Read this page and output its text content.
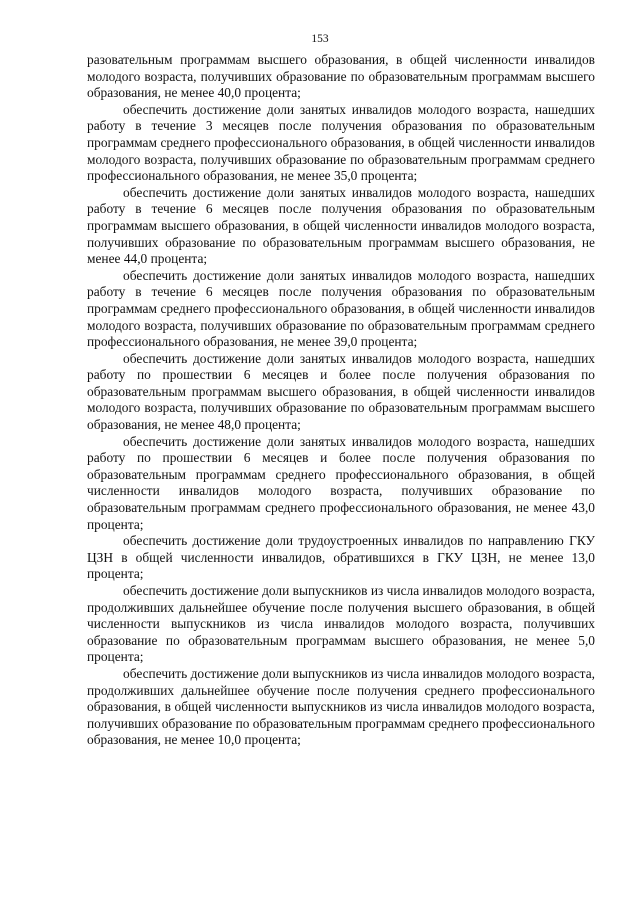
153

разовательным программам высшего образования, в общей численности инвалидов молодого возраста, получивших образование по образовательным программам высшего образования, не менее 40,0 процента;

обеспечить достижение доли занятых инвалидов молодого возраста, нашедших работу в течение 3 месяцев после получения образования по образовательным программам среднего профессионального образования, в общей численности инвалидов молодого возраста, получивших образование по образовательным программам среднего профессионального образования, не менее 35,0 процента;

обеспечить достижение доли занятых инвалидов молодого возраста, нашедших работу в течение 6 месяцев после получения образования по образовательным программам высшего образования, в общей численности инвалидов молодого возраста, получивших образование по образовательным программам высшего образования, не менее 44,0 процента;

обеспечить достижение доли занятых инвалидов молодого возраста, нашедших работу в течение 6 месяцев после получения образования по образовательным программам среднего профессионального образования, в общей численности инвалидов молодого возраста, получивших образование по образовательным программам среднего профессионального образования, не менее 39,0 процента;

обеспечить достижение доли занятых инвалидов молодого возраста, нашедших работу по прошествии 6 месяцев и более после получения образования по образовательным программам высшего образования, в общей численности инвалидов молодого возраста, получивших образование по образовательным программам высшего образования, не менее 48,0 процента;

обеспечить достижение доли занятых инвалидов молодого возраста, нашедших работу по прошествии 6 месяцев и более после получения образования по образовательным программам среднего профессионального образования, в общей численности инвалидов молодого возраста, получивших образование по образовательным программам среднего профессионального образования, не менее 43,0 процента;

обеспечить достижение доли трудоустроенных инвалидов по направлению ГКУ ЦЗН в общей численности инвалидов, обратившихся в ГКУ ЦЗН, не менее 13,0 процента;

обеспечить достижение доли выпускников из числа инвалидов молодого возраста, продолживших дальнейшее обучение после получения высшего образования, в общей численности выпускников из числа инвалидов молодого возраста, получивших образование по образовательным программам высшего образования, не менее 5,0 процента;

обеспечить достижение доли выпускников из числа инвалидов молодого возраста, продолживших дальнейшее обучение после получения среднего профессионального образования, в общей численности выпускников из числа инвалидов молодого возраста, получивших образование по образовательным программам среднего профессионального образования, не менее 10,0 процента;
